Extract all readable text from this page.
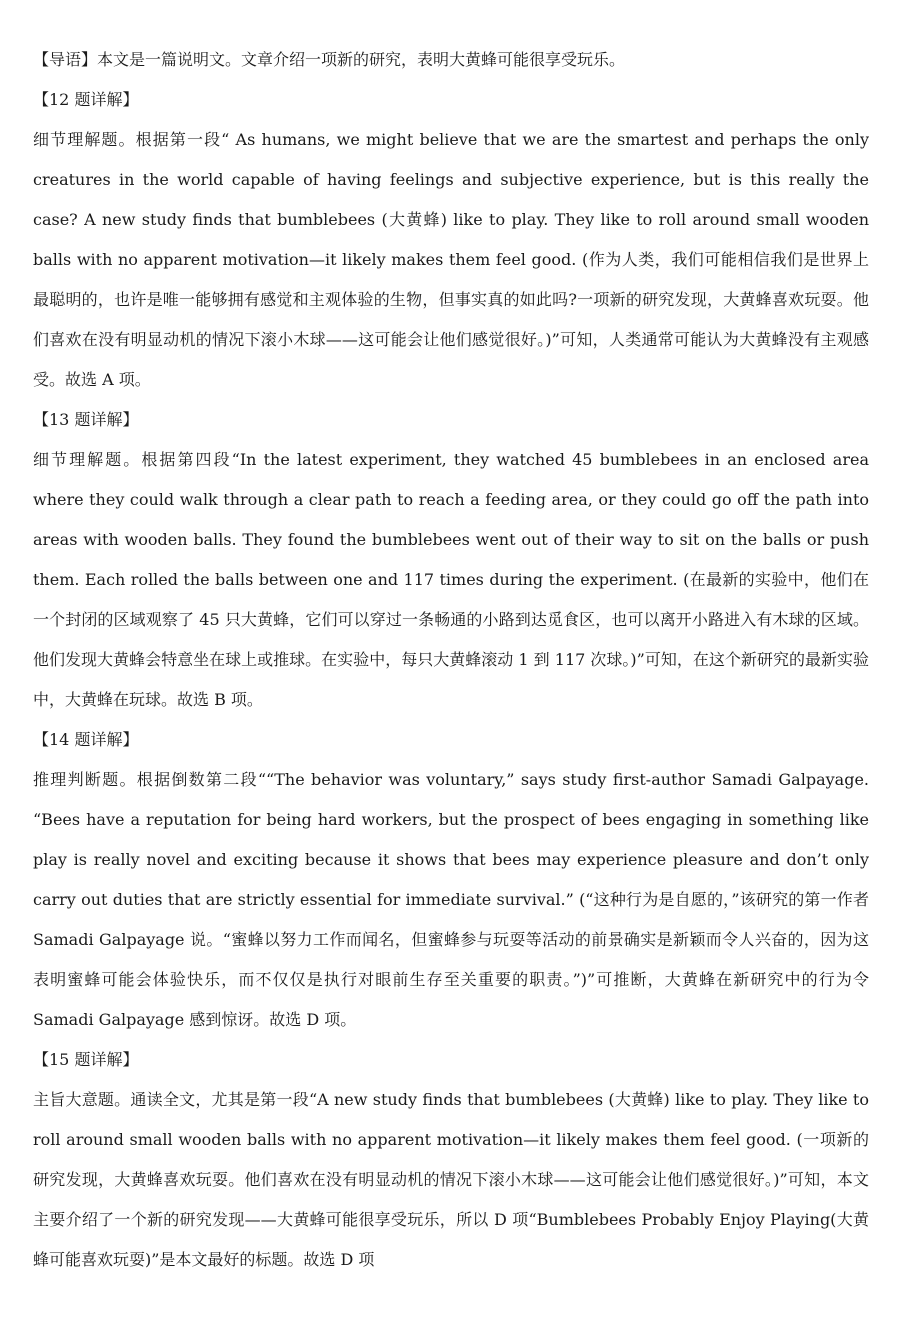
【导语】本文是一篇说明文。文章介绍一项新的研究，表明大黄蜂可能很享受玩乐。

【12 题详解】

细节理解题。根据第一段“ As humans, we might believe that we are the smartest and perhaps the only creatures in the world capable of having feelings and subjective experience, but is this really the case? A new study finds that bumblebees (大黄蜂) like to play. They like to roll around small wooden balls with no apparent motivation—it likely makes them feel good. (作为人类，我们可能相信我们是世界上最聪明的，也许是唯一能够拥有感觉和主观体验的生物，但事实真的如此吗?一项新的研究发现，大黄蜂喜欢玩耍。他们喜欢在没有明显动机的情况下滚小木球——这可能会让他们感觉很好。)”可知，人类通常可能认为大黄蜂没有主观感受。故选 A 项。

【13 题详解】

细节理解题。根据第四段“In the latest experiment, they watched 45 bumblebees in an enclosed area where they could walk through a clear path to reach a feeding area, or they could go off the path into areas with wooden balls. They found the bumblebees went out of their way to sit on the balls or push them. Each rolled the balls between one and 117 times during the experiment. (在最新的实验中，他们在一个封闭的区域观察了 45 只大黄蜂，它们可以穿过一条畅通的小路到达觅食区，也可以离开小路进入有木球的区域。他们发现大黄蜂会特意坐在球上或推球。在实验中，每只大黄蜂滚动 1 到 117 次球。)”可知，在这个新研究的最新实验中，大黄蜂在玩球。故选 B 项。

【14 题详解】

推理判断题。根据倒数第二段““The behavior was voluntary,” says study first-author Samadi Galpayage. “Bees have a reputation for being hard workers, but the prospect of bees engaging in something like play is really novel and exciting because it shows that bees may experience pleasure and don’t only carry out duties that are strictly essential for immediate survival.” (“这种行为是自愿的，”该研究的第一作者 Samadi Galpayage 说。“蜜蜂以努力工作而闻名，但蜜蜂参与玩耍等活动的前景确实是新颖而令人兴奋的，因为这表明蜜蜂可能会体验快乐，而不仅仅是执行对眼前生存至关重要的职责。”)”可推断，大黄蜂在新研究中的行为令 Samadi Galpayage 感到惊讶。故选 D 项。

【15 题详解】

主旨大意题。通读全文，尤其是第一段“A new study finds that bumblebees (大黄蜂) like to play. They like to roll around small wooden balls with no apparent motivation—it likely makes them feel good. (一项新的研究发现，大黄蜂喜欢玩耍。他们喜欢在没有明显动机的情况下滚小木球——这可能会让他们感觉很好。)”可知，本文主要介绍了一个新的研究发现——大黄蜂可能很享受玩乐，所以 D 项“Bumblebees Probably Enjoy Playing(大黄蜂可能喜欢玩耍)”是本文最好的标题。故选 D 项
